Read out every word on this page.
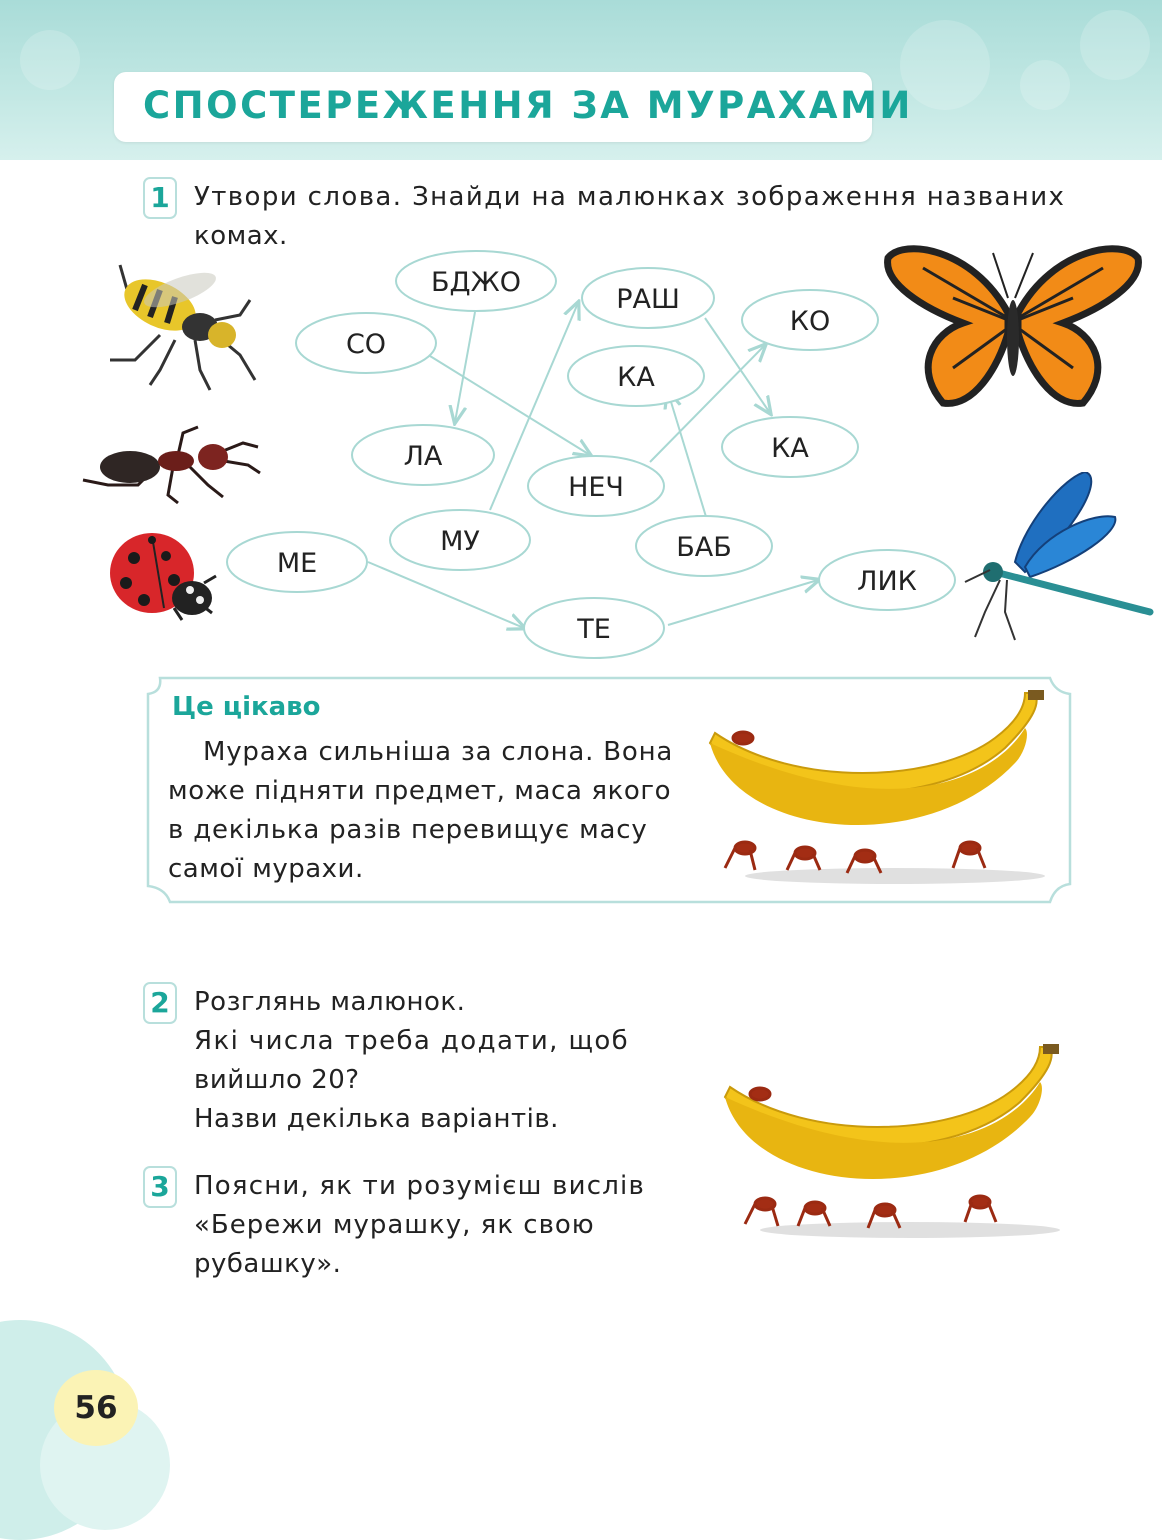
СПОСТЕРЕЖЕННЯ ЗА МУРАХАМИ
1 Утвори слова. Знайди на малюнках зображення названих
комах.
БДЖО
РАШ
КО
СО
КА
ЛА	КА
НЕЧ
МУ	БАБ
МЕ
ЛИК
ТЕ
Це цікаво
Мураха сильніша за слона. Вона
може підняти предмет, маса якого
в декілька разів перевищує масу
самої мурахи.
2 Розглянь малюнок.
Які числа треба додати, щоб
вийшло 20?
Назви декілька варіантів.
3 Поясни, як ти розумієш вислів
«Бережи мурашку, як свою
рубашку».
56
